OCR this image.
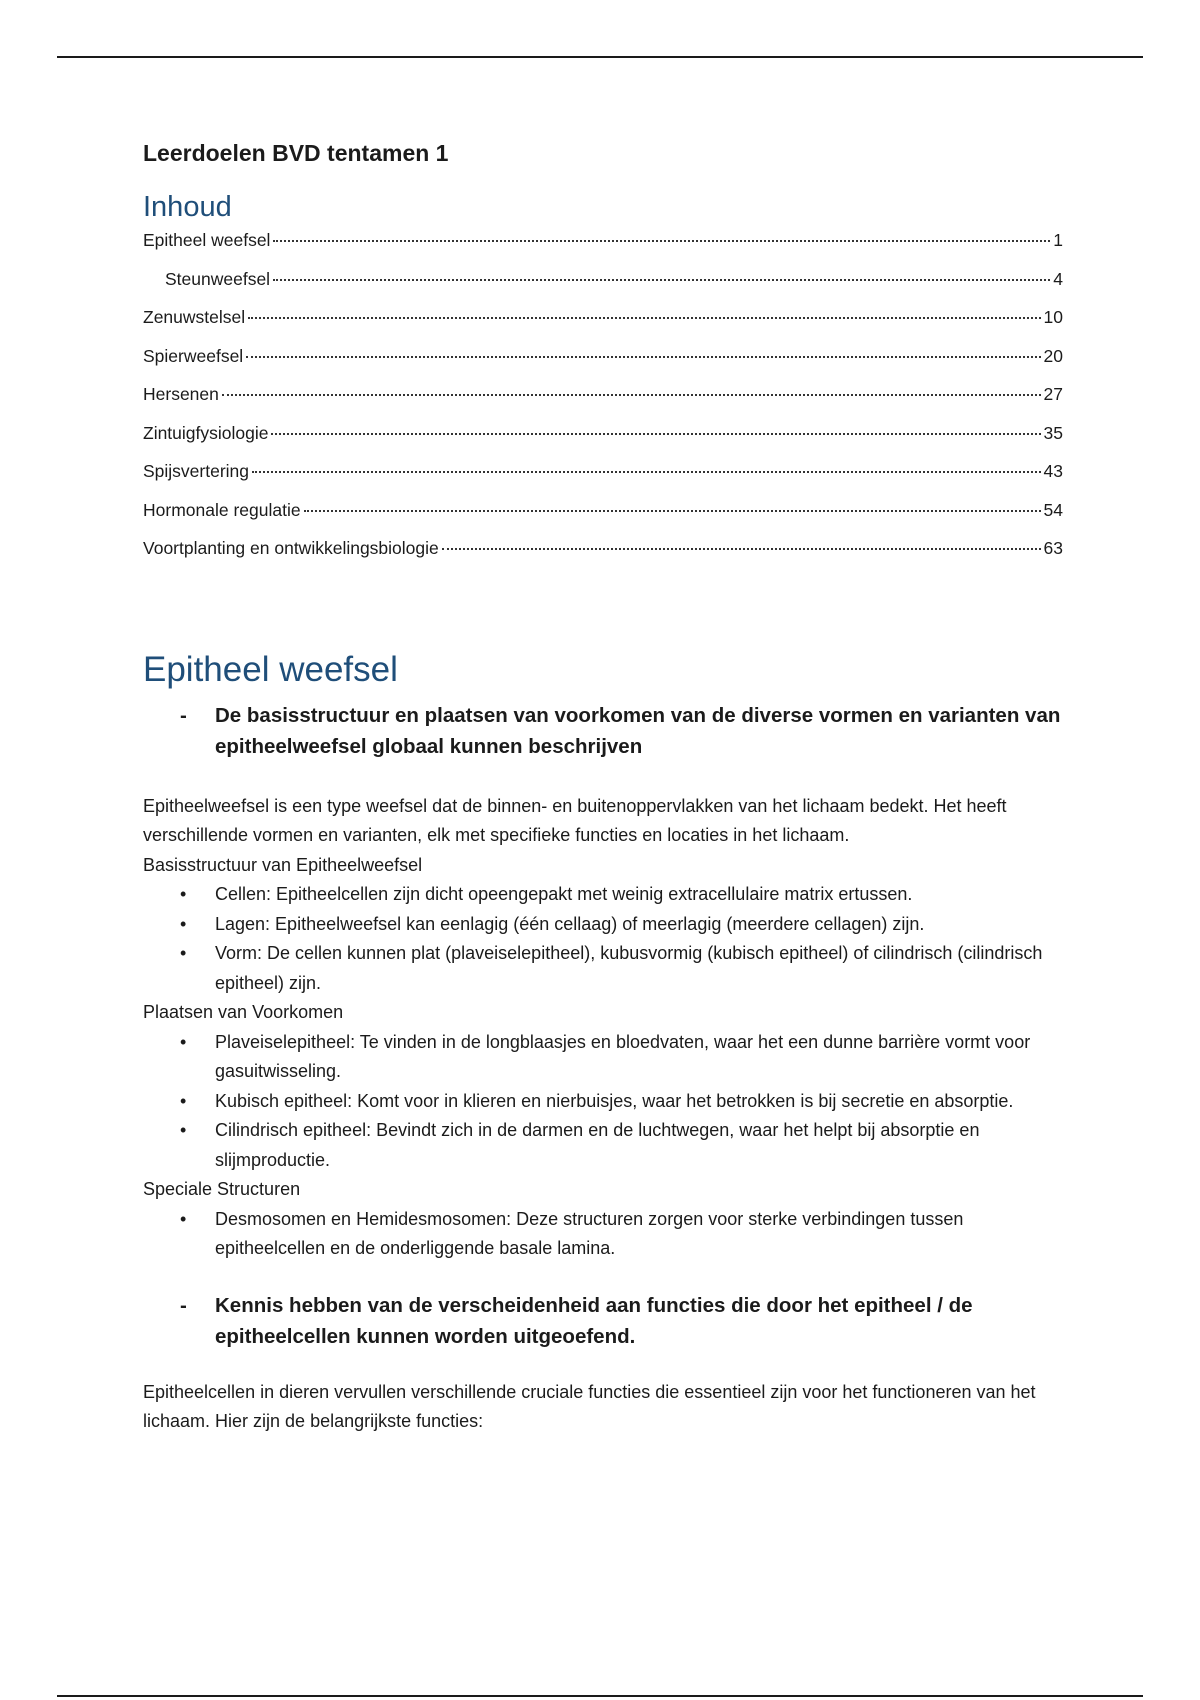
Leerdoelen BVD tentamen 1
Inhoud
Epitheel weefsel	1
Steunweefsel	4
Zenuwstelsel	10
Spierweefsel	20
Hersenen	27
Zintuigfysiologie	35
Spijsvertering	43
Hormonale regulatie	54
Voortplanting en ontwikkelingsbiologie	63
Epitheel weefsel
-	De basisstructuur en plaatsen van voorkomen van de diverse vormen en varianten van epitheelweefsel globaal kunnen beschrijven

Epitheelweefsel is een type weefsel dat de binnen- en buitenoppervlakken van het lichaam bedekt. Het heeft verschillende vormen en varianten, elk met specifieke functies en locaties in het lichaam.

Basisstructuur van Epitheelweefsel

•	Cellen: Epitheelcellen zijn dicht opeengepakt met weinig extracellulaire matrix ertussen.
•	Lagen: Epitheelweefsel kan eenlagig (één cellaag) of meerlagig (meerdere cellagen) zijn.
•	Vorm: De cellen kunnen plat (plaveiselepitheel), kubusvormig (kubisch epitheel) of cilindrisch (cilindrisch epitheel) zijn.

Plaatsen van Voorkomen

•	Plaveiselepitheel: Te vinden in de longblaasjes en bloedvaten, waar het een dunne barrière vormt voor gasuitwisseling.
•	Kubisch epitheel: Komt voor in klieren en nierbuisjes, waar het betrokken is bij secretie en absorptie.
•	Cilindrisch epitheel: Bevindt zich in de darmen en de luchtwegen, waar het helpt bij absorptie en slijmproductie.

Speciale Structuren

•	Desmosomen en Hemidesmosomen: Deze structuren zorgen voor sterke verbindingen tussen epitheelcellen en de onderliggende basale lamina.
-	Kennis hebben van de verscheidenheid aan functies die door het epitheel / de epitheelcellen kunnen worden uitgeoefend.

Epitheelcellen in dieren vervullen verschillende cruciale functies die essentieel zijn voor het functioneren van het lichaam. Hier zijn de belangrijkste functies:
